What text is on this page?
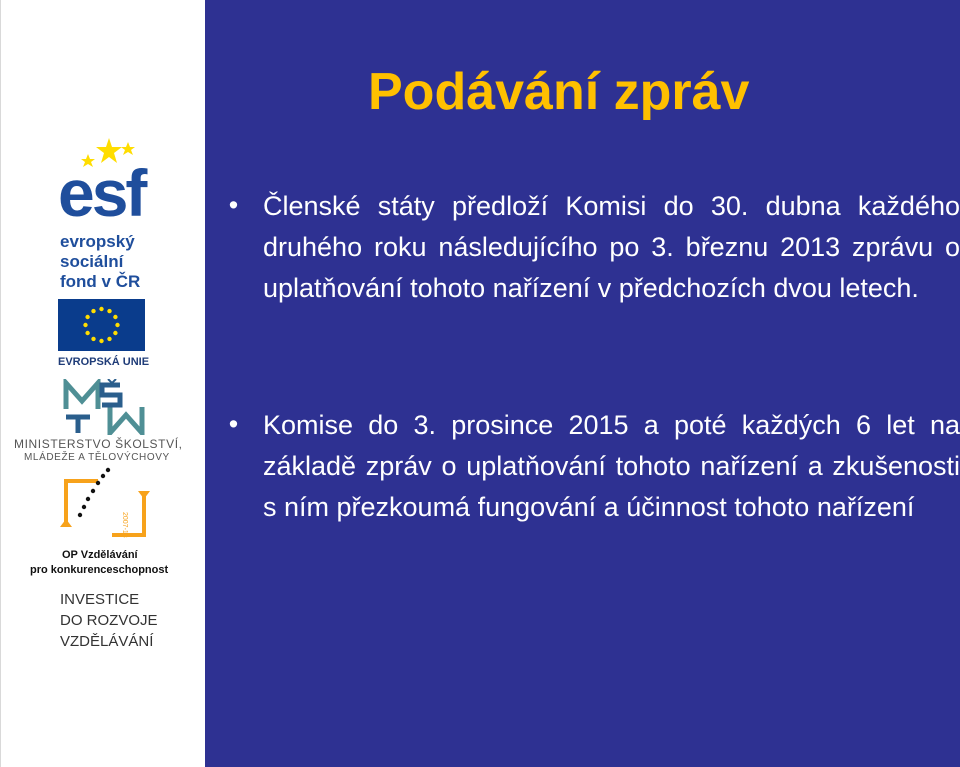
esf
evropský
sociální
fond v ČR
EVROPSKÁ UNIE
MINISTERSTVO ŠKOLSTVÍ,
MLÁDEŽE A TĚLOVÝCHOVY
2007-13
OP Vzdělávání
pro konkurenceschopnost
INVESTICE
DO ROZVOJE
VZDĚLÁVÁNÍ
Podávání zpráv
• Členské státy předloží Komisi do 30. dubna každého druhého roku následujícího po 3. březnu 2013 zprávu o uplatňování tohoto nařízení v předchozích dvou letech.
• Komise do 3. prosince 2015 a poté každých 6 let na základě zpráv o uplatňování tohoto nařízení a zkušenosti s ním přezkoumá fungování a účinnost tohoto nařízení
